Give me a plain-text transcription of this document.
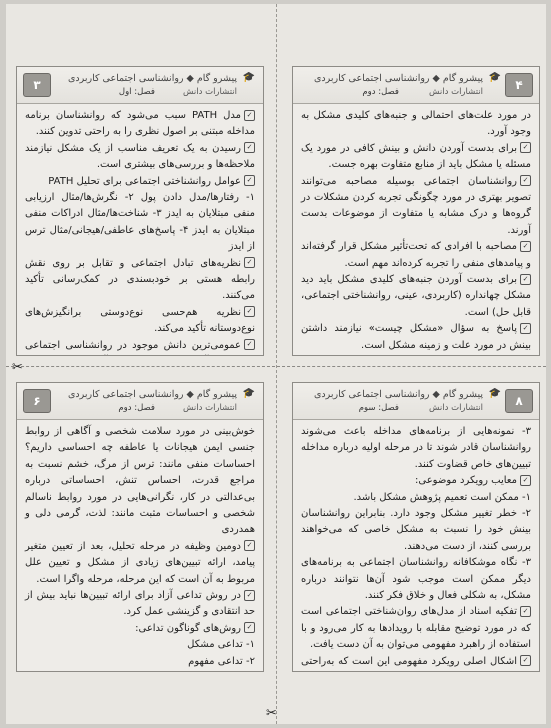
✂
✂
۴
🎓
پیشرو گام ◆ روانشناسی اجتماعی کاربردی
انتشارات دانش
فصل: دوم

در مورد علت‌های احتمالی و جنبه‌های کلیدی مشکل به وجود آورد.

✓برای بدست آوردن دانش و بینش کافی در مورد یک مسئله یا مشکل باید از منابع متفاوت بهره جست.

✓روانشناسان اجتماعی بوسیله مصاحبه می‌توانند تصویر بهتری در مورد چگونگی تجربه کردن مشکلات در گروه‌ها و درک مشابه یا متفاوت از موضوعات بدست آورند.

✓مصاحبه با افرادی که تحت‌تأثیر مشکل قرار گرفته‌اند و پیامدهای منفی را تجربه کرده‌اند مهم است.

✓برای بدست آوردن جنبه‌های کلیدی مشکل باید دید مشکل چهانداره (کاربردی، عینی، روانشناختی اجتماعی، قابل حل) است.

✓پاسخ به سؤال «مشکل چیست» نیازمند داشتن بینش در مورد علت و زمینه مشکل است.

۳
🎓
پیشرو گام ◆ روانشناسی اجتماعی کاربردی
انتشارات دانش
فصل: اول

✓مدل PATH سبب می‌شود که روانشناسان برنامه مداخله مبتنی بر اصول نظری را به راحتی تدوین کنند.

✓رسیدن به یک تعریف مناسب از یک مشکل نیازمند ملاحظه‌ها و بررسی‌های بیشتری است.

✓عوامل روانشناختی اجتماعی برای تحلیل PATH

۱- رفتارها/مدل دادن پول ۲- نگرش‌ها/مثال ارزیابی منفی مبتلایان به ایدز ۳- شناخت‌ها/مثال ادراکات منفی مبتلایان به ایدز ۴- پاسخ‌های عاطفی/هیجانی/مثال ترس از ایدز

✓نظریه‌های تبادل اجتماعی و تقابل بر روی نقش رابطه هستی بر خودبسندی در کمک‌رسانی تأکید می‌کنند.

✓نظریه هم‌حسی نوع‌دوستی برانگیزش‌های نوع‌دوستانه تأکید می‌کند.

✓عمومی‌ترین دانش موجود در روانشناسی اجتماعی

۸
🎓
پیشرو گام ◆ روانشناسی اجتماعی کاربردی
انتشارات دانش
فصل: سوم

۳- نمونه‌هایی از برنامه‌های مداخله باعث می‌شوند روانشناسان قادر شوند تا در مرحله اولیه درباره مداخله تبیین‌های خاص قضاوت کنند.

✓معایب رویکرد موضوعی:

۱- ممکن است تعمیم پژوهش مشکل باشد.

۲- خطر تغییر مشکل وجود دارد. بنابراین روانشناسان بینش خود را نسبت به مشکل خاصی که می‌خواهند بررسی کنند، از دست می‌دهند.

۳- نگاه موشکافانه روانشناسان اجتماعی به برنامه‌های دیگر ممکن است موجب شود آن‌ها نتوانند درباره مشکل، به شکلی فعال و خلاق فکر کنند.

✓تفکیه اسناد از مدل‌های روان‌شناختی اجتماعی است که در مورد توضیح مقابله با رویدادها به کار می‌رود و با استفاده از راهبرد مفهومی می‌توان به آن دست یافت.

✓اشکال اصلی رویکرد مفهومی این است که به‌راحتی

۶
🎓
پیشرو گام ◆ روانشناسی اجتماعی کاربردی
انتشارات دانش
فصل: دوم

خوش‌بینی در مورد سلامت شخصی و آگاهی از روابط جنسی ایمن هیجانات یا عاطفه چه احساسی داریم؟ احساسات منفی مانند: ترس از مرگ، خشم نسبت به مراجع قدرت، احساس تنش، احساساتی درباره بی‌عدالتی در کار، نگرانی‌هایی در مورد روابط ناسالم شخصی و احساسات مثبت مانند: لذت، گرمی دلی و همدردی

✓دومین وظیفه در مرحله تحلیل، بعد از تعیین متغیر پیامد، ارائه تبیین‌های زیادی از مشکل و تعیین علل مربوط به آن است که این مرحله، مرحله واگرا است.

✓در روش تداعی آزاد برای ارائه تبیین‌ها نباید بیش از حد انتقادی و گزینشی عمل کرد.

✓روش‌های گوناگون تداعی:

۱- تداعی مشکل

۲- تداعی مفهوم
